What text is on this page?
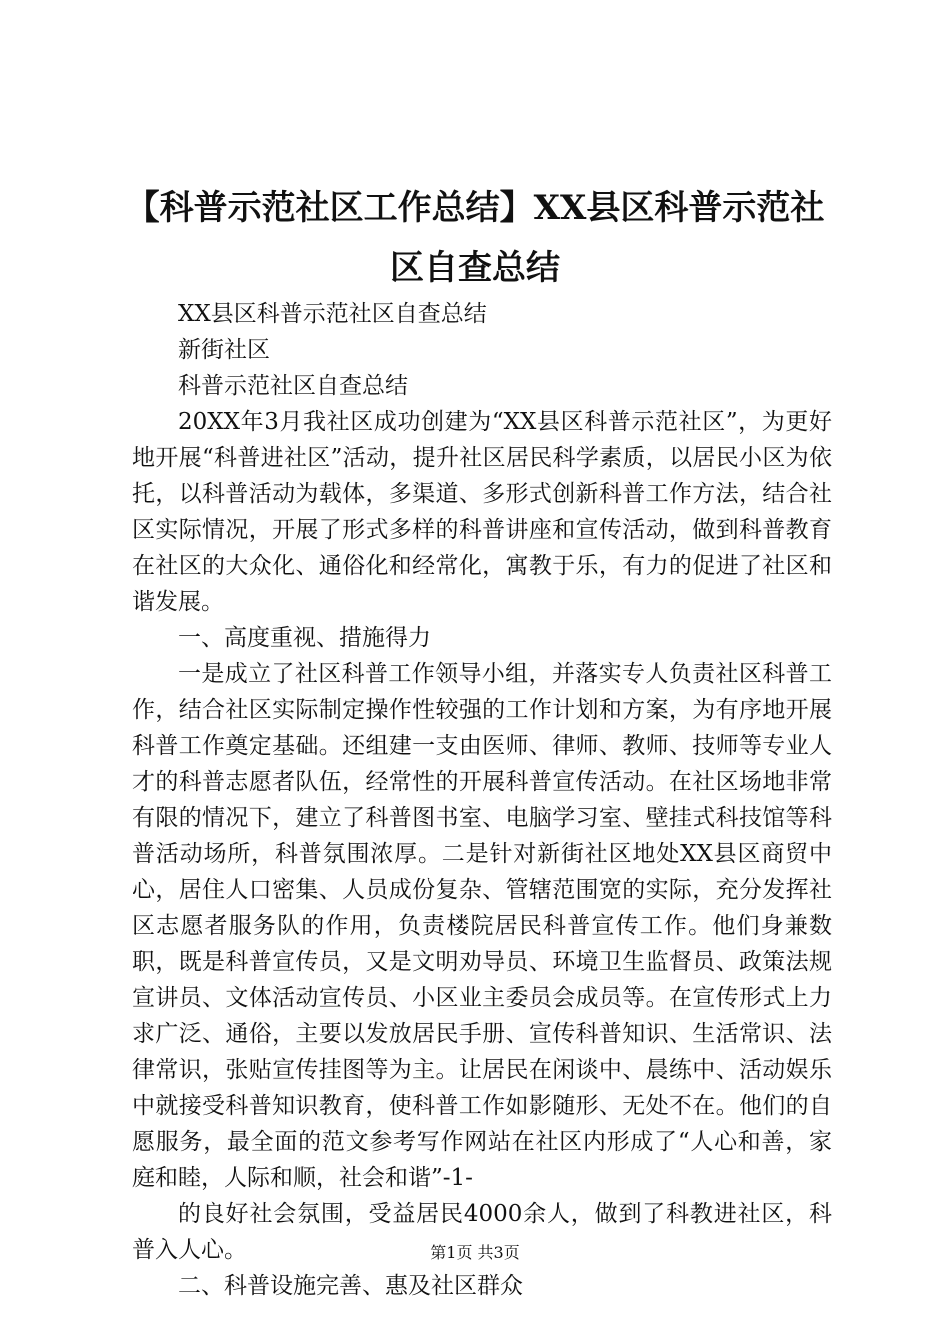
【科普示范社区工作总结】XX县区科普示范社区自查总结

XX县区科普示范社区自查总结

新街社区

科普示范社区自查总结

20XX年3月我社区成功创建为“XX县区科普示范社区”，为更好地开展“科普进社区”活动，提升社区居民科学素质，以居民小区为依托，以科普活动为载体，多渠道、多形式创新科普工作方法，结合社区实际情况，开展了形式多样的科普讲座和宣传活动，做到科普教育在社区的大众化、通俗化和经常化，寓教于乐，有力的促进了社区和谐发展。

一、高度重视、措施得力

一是成立了社区科普工作领导小组，并落实专人负责社区科普工作，结合社区实际制定操作性较强的工作计划和方案，为有序地开展科普工作奠定基础。还组建一支由医师、律师、教师、技师等专业人才的科普志愿者队伍，经常性的开展科普宣传活动。在社区场地非常有限的情况下，建立了科普图书室、电脑学习室、壁挂式科技馆等科普活动场所，科普氛围浓厚。二是针对新街社区地处XX县区商贸中心，居住人口密集、人员成份复杂、管辖范围宽的实际，充分发挥社区志愿者服务队的作用，负责楼院居民科普宣传工作。他们身兼数职，既是科普宣传员，又是文明劝导员、环境卫生监督员、政策法规宣讲员、文体活动宣传员、小区业主委员会成员等。在宣传形式上力求广泛、通俗，主要以发放居民手册、宣传科普知识、生活常识、法律常识，张贴宣传挂图等为主。让居民在闲谈中、晨练中、活动娱乐中就接受科普知识教育，使科普工作如影随形、无处不在。他们的自愿服务，最全面的范文参考写作网站在社区内形成了“人心和善，家庭和睦，人际和顺，社会和谐”-1-

的良好社会氛围，受益居民4000余人，做到了科教进社区，科普入人心。

二、科普设施完善、惠及社区群众

第1页 共3页
